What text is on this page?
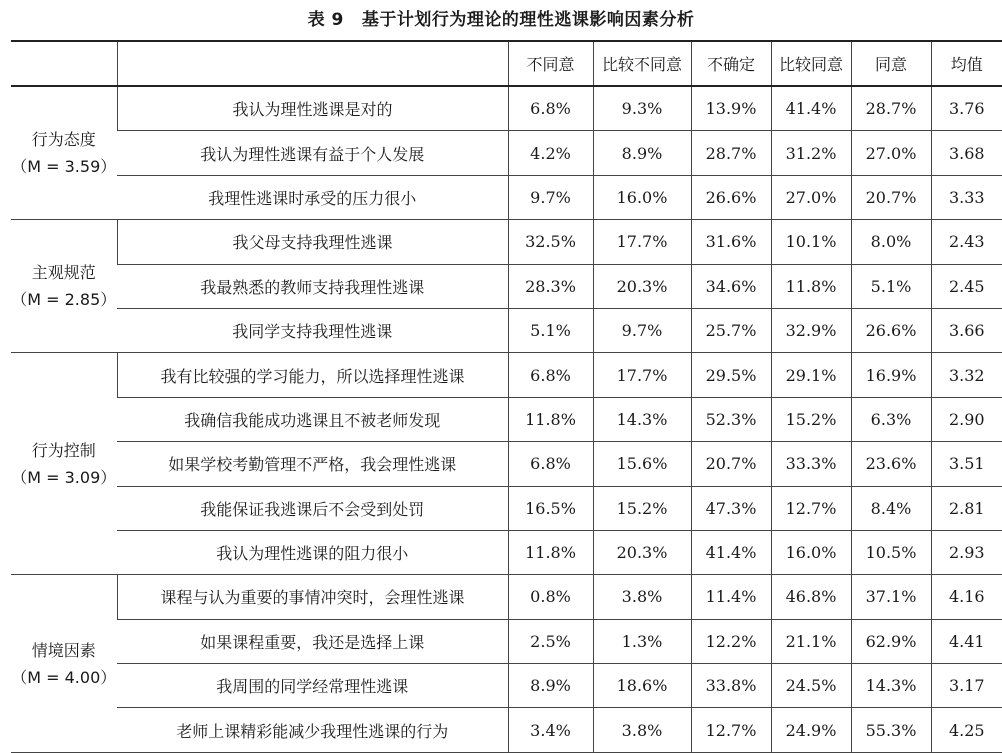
表 9 基于计划行为理论的理性逃课影响因素分析
		不同意	比较不同意	不确定	比较同意	同意	均值

行为态度
（M = 3.59）	我认为理性逃课是对的	6.8%	9.3%	13.9%	41.4%	28.7%	3.76
	我认为理性逃课有益于个人发展	4.2%	8.9%	28.7%	31.2%	27.0%	3.68
	我理性逃课时承受的压力很小	9.7%	16.0%	26.6%	27.0%	20.7%	3.33

主观规范
（M = 2.85）	我父母支持我理性逃课	32.5%	17.7%	31.6%	10.1%	8.0%	2.43
	我最熟悉的教师支持我理性逃课	28.3%	20.3%	34.6%	11.8%	5.1%	2.45
	我同学支持我理性逃课	5.1%	9.7%	25.7%	32.9%	26.6%	3.66

行为控制
（M = 3.09）	我有比较强的学习能力，所以选择理性逃课	6.8%	17.7%	29.5%	29.1%	16.9%	3.32
	我确信我能成功逃课且不被老师发现	11.8%	14.3%	52.3%	15.2%	6.3%	2.90
	如果学校考勤管理不严格，我会理性逃课	6.8%	15.6%	20.7%	33.3%	23.6%	3.51
	我能保证我逃课后不会受到处罚	16.5%	15.2%	47.3%	12.7%	8.4%	2.81
	我认为理性逃课的阻力很小	11.8%	20.3%	41.4%	16.0%	10.5%	2.93

情境因素
（M = 4.00）	课程与认为重要的事情冲突时，会理性逃课	0.8%	3.8%	11.4%	46.8%	37.1%	4.16
	如果课程重要，我还是选择上课	2.5%	1.3%	12.2%	21.1%	62.9%	4.41
	我周围的同学经常理性逃课	8.9%	18.6%	33.8%	24.5%	14.3%	3.17
	老师上课精彩能减少我理性逃课的行为	3.4%	3.8%	12.7%	24.9%	55.3%	4.25
